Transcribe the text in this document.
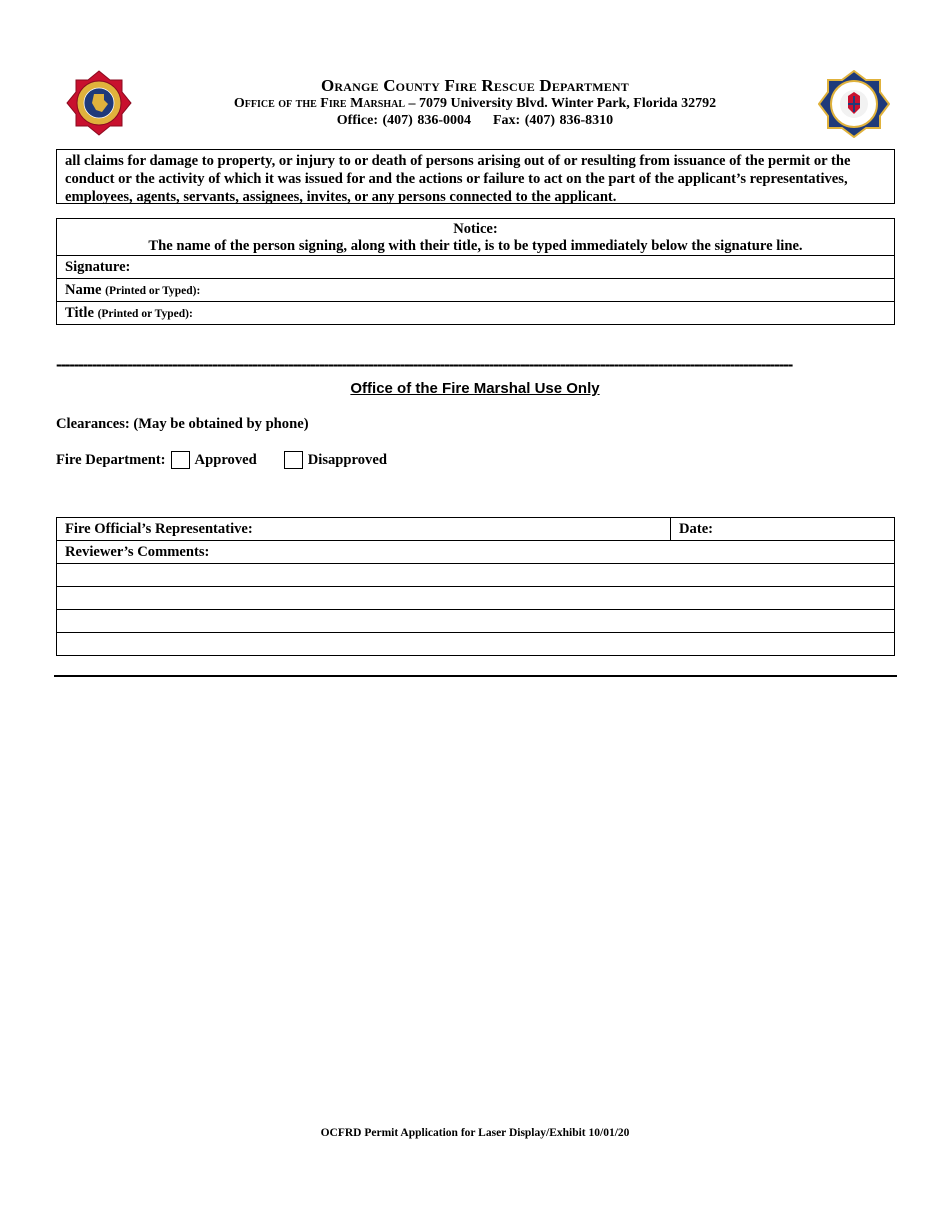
Orange County Fire Rescue Department
Office of the Fire Marshal – 7079 University Blvd. Winter Park, Florida 32792
Office: (407) 836-0004 Fax: (407) 836-8310
all claims for damage to property, or injury to or death of persons arising out of or resulting from issuance of the permit or the conduct or the activity of which it was issued for and the actions or failure to act on the part of the applicant’s representatives, employees, agents, servants, assignees, invites, or any persons connected to the applicant.
Notice:
The name of the person signing, along with their title, is to be typed immediately below the signature line.

Signature:
Name (Printed or Typed):
Title (Printed or Typed):
---------------------------------------------------------------------------------------------------------------------------------------------------------------------
Office of the Fire Marshal Use Only
Clearances: (May be obtained by phone)
Fire Department: Approved	Disapproved
Fire Official’s Representative:	Date:
Reviewer’s Comments:

OCFRD Permit Application for Laser Display/Exhibit 10/01/20
